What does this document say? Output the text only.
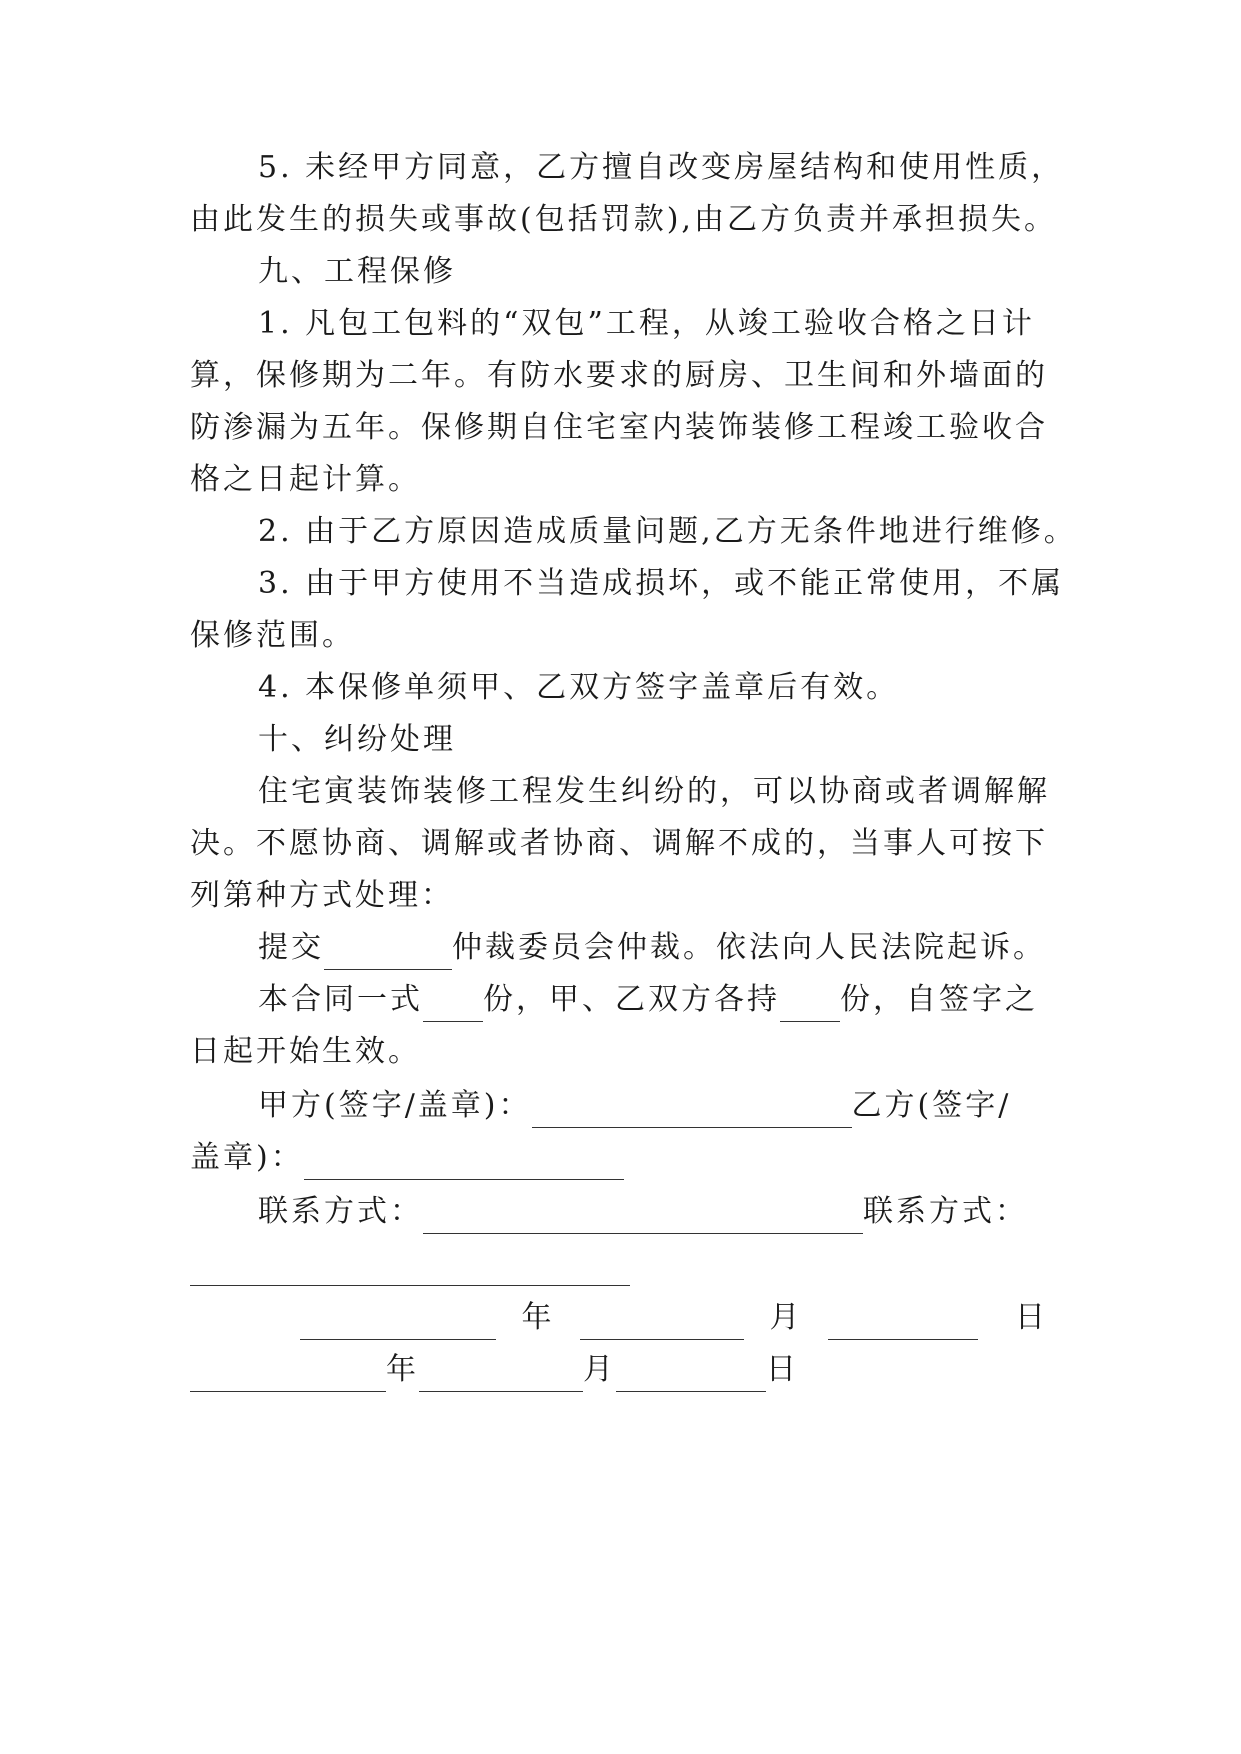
5. 未经甲方同意，乙方擅自改变房屋结构和使用性质，
由此发生的损失或事故(包括罚款),由乙方负责并承担损失。
九、工程保修
1. 凡包工包料的“双包”工程，从竣工验收合格之日计
算，保修期为二年。有防水要求的厨房、卫生间和外墙面的
防渗漏为五年。保修期自住宅室内装饰装修工程竣工验收合
格之日起计算。
2. 由于乙方原因造成质量问题,乙方无条件地进行维修。
3. 由于甲方使用不当造成损坏，或不能正常使用，不属
保修范围。
4. 本保修单须甲、乙双方签字盖章后有效。
十、纠纷处理
住宅寅装饰装修工程发生纠纷的，可以协商或者调解解
决。不愿协商、调解或者协商、调解不成的，当事人可按下
列第种方式处理：
提交	仲裁委员会仲裁。依法向人民法院起诉。
本合同一式 份，甲、乙双方各持 份，自签字之
日起开始生效。
甲方(签字/盖章)：	乙方(签字/
盖章)：
联系方式：	联系方式：
年	月	日
年	月	日
